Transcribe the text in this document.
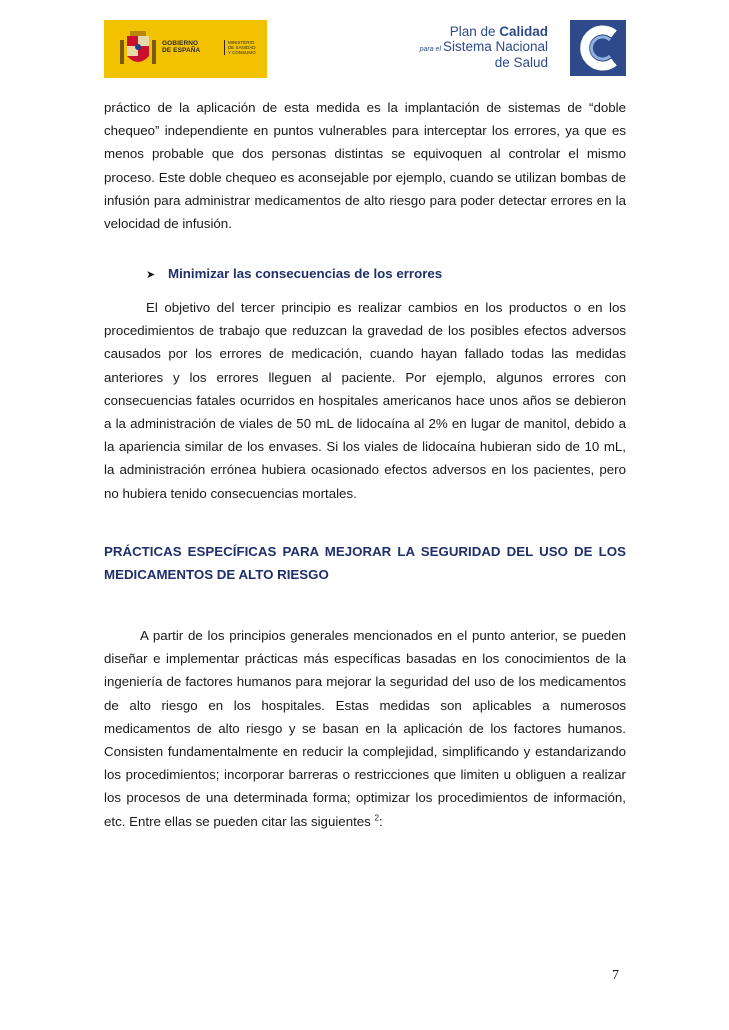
GOBIERNO
DE ESPAÑA
MINISTERIO
DE SANIDAD
Y CONSUMO
Plan de Calidad
para el Sistema Nacional
de Salud

práctico de la aplicación de esta medida es la implantación de sistemas de “doble chequeo” independiente en puntos vulnerables para interceptar los errores, ya que es menos probable que dos personas distintas se equivoquen al controlar el mismo proceso. Este doble chequeo es aconsejable por ejemplo, cuando se utilizan bombas de infusión para administrar medicamentos de alto riesgo para poder detectar errores en la velocidad de infusión.

➤ Minimizar las consecuencias de los errores

El objetivo del tercer principio es realizar cambios en los productos o en los procedimientos de trabajo que reduzcan la gravedad de los posibles efectos adversos causados por los errores de medicación, cuando hayan fallado todas las medidas anteriores y los errores lleguen al paciente. Por ejemplo, algunos errores con consecuencias fatales ocurridos en hospitales americanos hace unos años se debieron a la administración de viales de 50 mL de lidocaína al 2% en lugar de manitol, debido a la apariencia similar de los envases. Si los viales de lidocaína hubieran sido de 10 mL, la administración errónea hubiera ocasionado efectos adversos en los pacientes, pero no hubiera tenido consecuencias mortales.

PRÁCTICAS ESPECÍFICAS PARA MEJORAR LA SEGURIDAD DEL USO DE LOS MEDICAMENTOS DE ALTO RIESGO

A partir de los principios generales mencionados en el punto anterior, se pueden diseñar e implementar prácticas más específicas basadas en los conocimientos de la ingeniería de factores humanos para mejorar la seguridad del uso de los medicamentos de alto riesgo en los hospitales. Estas medidas son aplicables a numerosos medicamentos de alto riesgo y se basan en la aplicación de los factores humanos. Consisten fundamentalmente en reducir la complejidad, simplificando y estandarizando los procedimientos; incorporar barreras o restricciones que limiten u obliguen a realizar los procesos de una determinada forma; optimizar los procedimientos de información, etc. Entre ellas se pueden citar las siguientes $^2$:

7
